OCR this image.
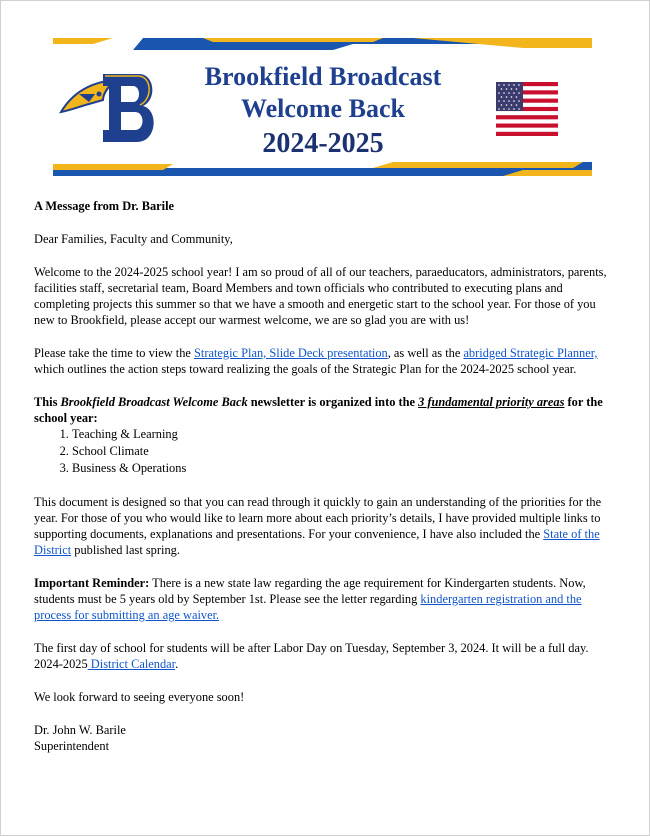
Brookfield Broadcast
Welcome Back
2024-2025

A Message from Dr. Barile

Dear Families, Faculty and Community,

Welcome to the 2024-2025 school year! I am so proud of all of our teachers, paraeducators, administrators, parents, facilities staff, secretarial team, Board Members and town officials who contributed to executing plans and completing projects this summer so that we have a smooth and energetic start to the school year. For those of you new to Brookfield, please accept our warmest welcome, we are so glad you are with us!

Please take the time to view the Strategic Plan, Slide Deck presentation, as well as the abridged Strategic Planner, which outlines the action steps toward realizing the goals of the Strategic Plan for the 2024-2025 school year.

This Brookfield Broadcast Welcome Back newsletter is organized into the 3 fundamental priority areas for the school year:

1. Teaching & Learning
2. School Climate
3. Business & Operations

This document is designed so that you can read through it quickly to gain an understanding of the priorities for the year. For those of you who would like to learn more about each priority’s details, I have provided multiple links to supporting documents, explanations and presentations. For your convenience, I have also included the State of the District published last spring.

Important Reminder: There is a new state law regarding the age requirement for Kindergarten students. Now, students must be 5 years old by September 1st. Please see the letter regarding kindergarten registration and the process for submitting an age waiver.

The first day of school for students will be after Labor Day on Tuesday, September 3, 2024. It will be a full day. 2024-2025 District Calendar.

We look forward to seeing everyone soon!

Dr. John W. Barile

Superintendent
